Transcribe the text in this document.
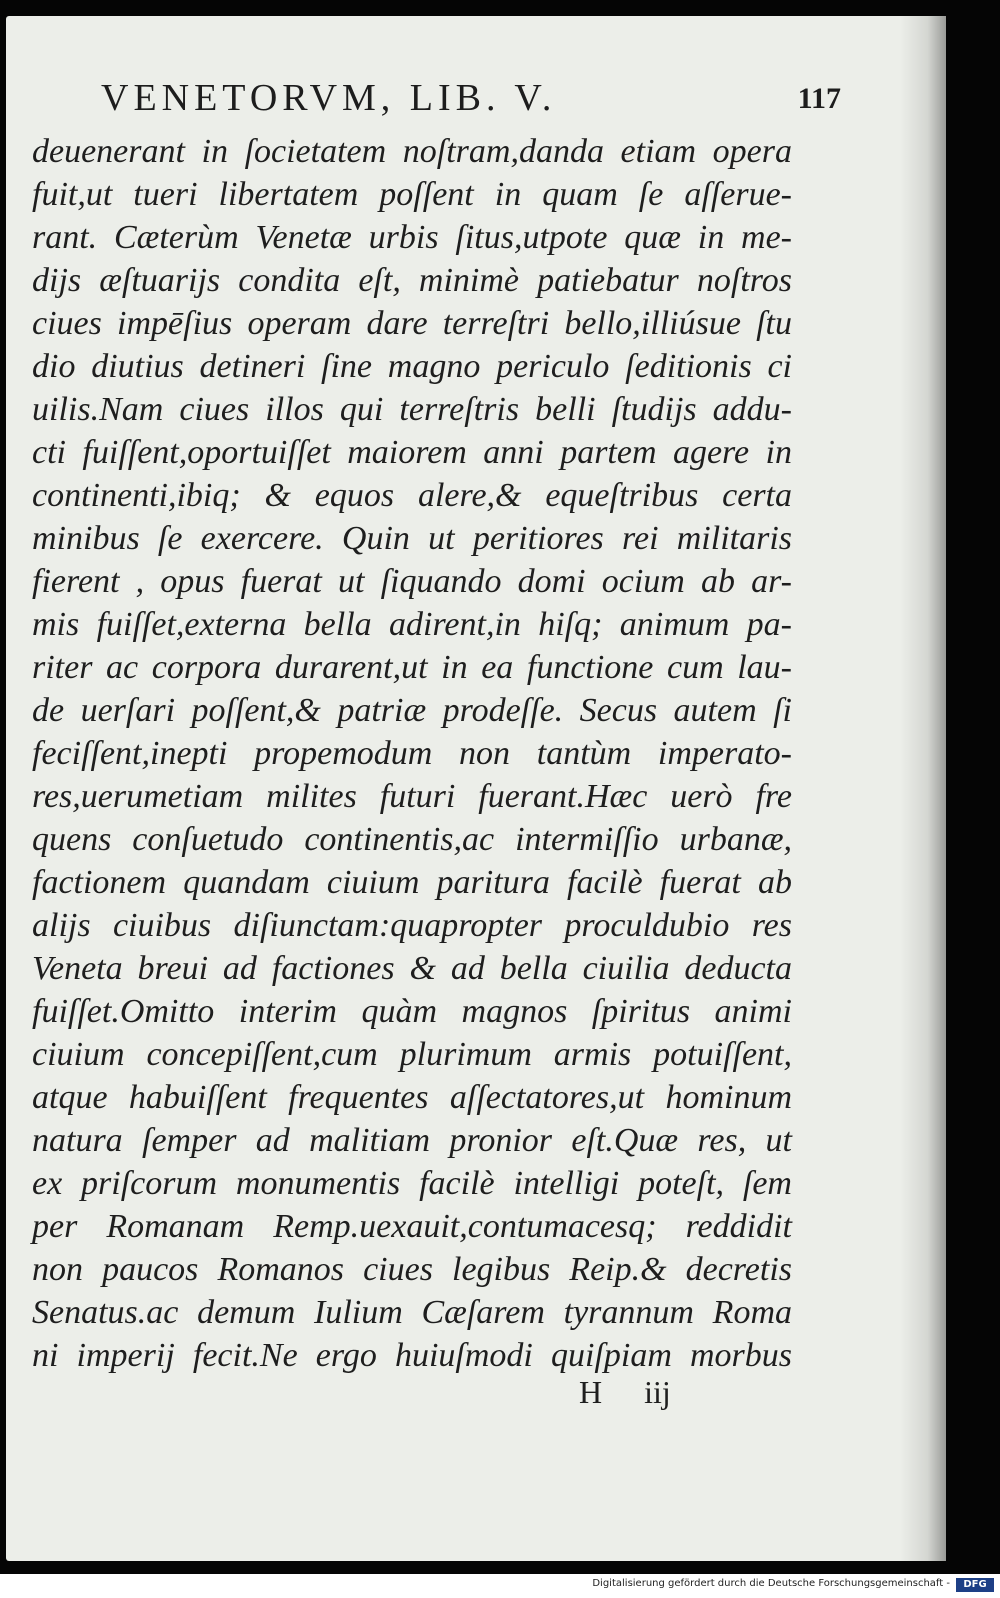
VENETORVM, LIB. V.	117
deuenerant in ſocietatem noſtram,danda etiam opera
fuit,ut tueri libertatem poſſent in quam ſe aſſerue-
rant. Cæterùm Venetæ urbis ſitus,utpote quæ in me-
dijs æſtuarijs condita eſt, minimè patiebatur noſtros
ciues impēſius operam dare terreſtri bello,illiúsue ſtu
dio diutius detineri ſine magno periculo ſeditionis ci
uilis.Nam ciues illos qui terreſtris belli ſtudijs addu-
cti fuiſſent,oportuiſſet maiorem anni partem agere in
continenti,ibiq; & equos alere,& equeſtribus certa
minibus ſe exercere. Quin ut peritiores rei militaris
fierent , opus fuerat ut ſiquando domi ocium ab ar-
mis fuiſſet,externa bella adirent,in hiſq; animum pa-
riter ac corpora durarent,ut in ea functione cum lau-
de uerſari poſſent,& patriæ prodeſſe. Secus autem ſi
feciſſent,inepti propemodum non tantùm imperato-
res,uerumetiam milites futuri fuerant.Hæc uerò fre
quens conſuetudo continentis,ac intermiſſio urbanæ,
factionem quandam ciuium paritura facilè fuerat ab
alijs ciuibus diſiunctam:quapropter proculdubio res
Veneta breui ad factiones & ad bella ciuilia deducta
fuiſſet.Omitto interim quàm magnos ſpiritus animi
ciuium concepiſſent,cum plurimum armis potuiſſent,
atque habuiſſent frequentes aſſectatores,ut hominum
natura ſemper ad malitiam pronior eſt.Quæ res, ut
ex priſcorum monumentis facilè intelligi poteſt, ſem
per Romanam Remp.uexauit,contumacesq; reddidit
non paucos Romanos ciues legibus Reip.& decretis
Senatus.ac demum Iulium Cæſarem tyrannum Roma
ni imperij fecit.Ne ergo huiuſmodi quiſpiam morbus
H iij
Digitalisierung gefördert durch die Deutsche Forschungsgemeinschaft -	DFG
